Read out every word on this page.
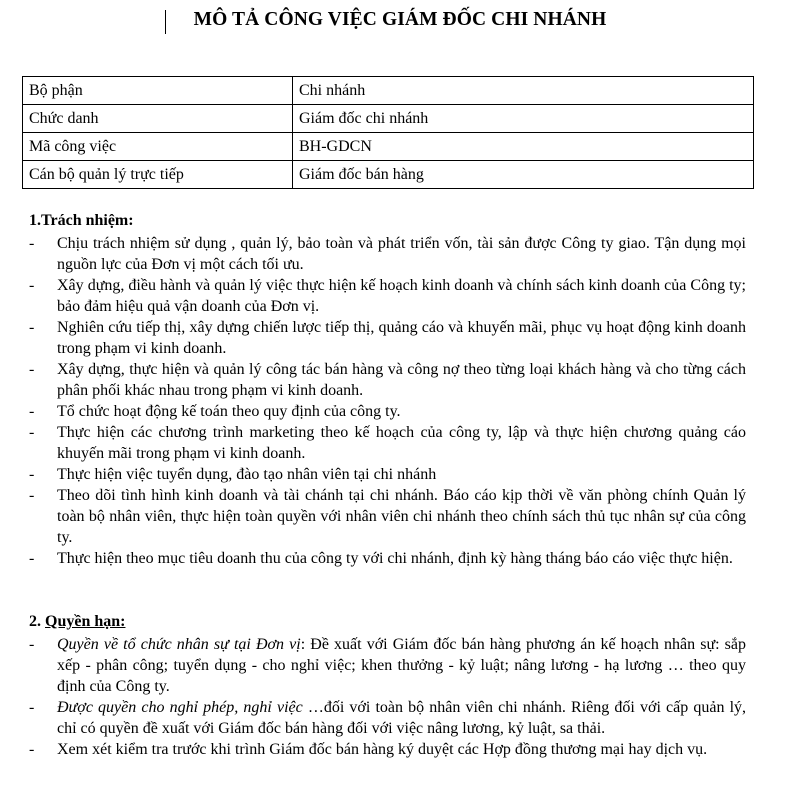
MÔ TẢ CÔNG VIỆC GIÁM ĐỐC CHI NHÁNH
Bộ phận	Chi nhánh
Chức danh	Giám đốc chi nhánh
Mã công việc	BH-GDCN
Cán bộ quản lý trực tiếp	Giám đốc bán hàng
1.Trách nhiệm:
- Chịu trách nhiệm sử dụng , quản lý, bảo toàn và phát triển vốn, tài sản được Công ty giao. Tận dụng mọi nguồn lực của Đơn vị một cách tối ưu.
- Xây dựng, điều hành và quản lý việc thực hiện kế hoạch kinh doanh và chính sách kinh doanh của Công ty; bảo đảm hiệu quả vận doanh của Đơn vị.
- Nghiên cứu tiếp thị, xây dựng chiến lược tiếp thị, quảng cáo và khuyến mãi, phục vụ hoạt động kinh doanh trong phạm vi kinh doanh.
- Xây dựng, thực hiện và quản lý công tác bán hàng và công nợ theo từng loại khách hàng và cho từng cách phân phối khác nhau trong phạm vi kinh doanh.
- Tổ chức hoạt động kế toán theo quy định của công ty.
- Thực hiện các chương trình marketing theo kế hoạch của công ty, lập và thực hiện chương quảng cáo khuyến mãi trong phạm vi kinh doanh.
- Thực hiện việc tuyển dụng, đào tạo nhân viên tại chi nhánh
- Theo dõi tình hình kinh doanh và tài chánh tại chi nhánh. Báo cáo kịp thời về văn phòng chính Quản lý toàn bộ nhân viên, thực hiện toàn quyền với nhân viên chi nhánh theo chính sách thủ tục nhân sự của công ty.
- Thực hiện theo mục tiêu doanh thu của công ty với chi nhánh, định kỳ hàng tháng báo cáo việc thực hiện.
2. Quyền hạn:
- Quyền về tổ chức nhân sự tại Đơn vị: Đề xuất với Giám đốc bán hàng phương án kế hoạch nhân sự: sắp xếp - phân công; tuyển dụng - cho nghỉ việc; khen thưởng - kỷ luật; nâng lương - hạ lương … theo quy định của Công ty.
- Được quyền cho nghỉ phép, nghỉ việc …đối với toàn bộ nhân viên chi nhánh. Riêng đối với cấp quản lý, chỉ có quyền đề xuất với Giám đốc bán hàng đối với việc nâng lương, kỷ luật, sa thải.
- Xem xét kiểm tra trước khi trình Giám đốc bán hàng ký duyệt các Hợp đồng thương mại hay dịch vụ.
